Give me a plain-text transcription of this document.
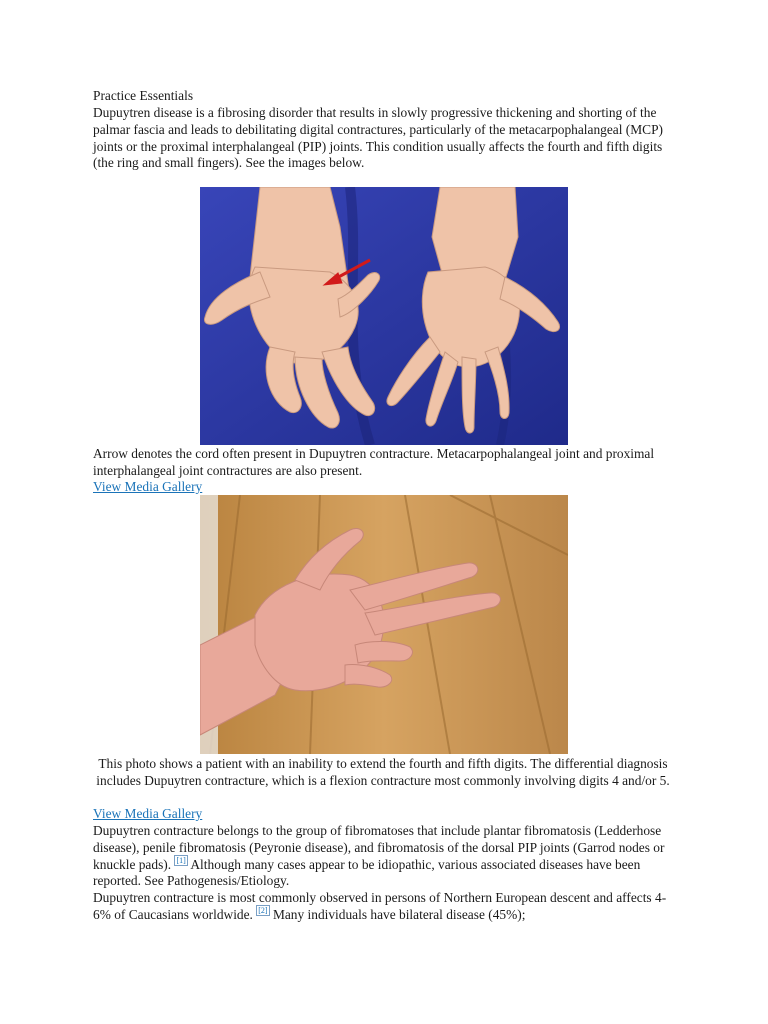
Practice Essentials
Dupuytren disease is a fibrosing disorder that results in slowly progressive thickening and shorting of the palmar fascia and leads to debilitating digital contractures, particularly of the metacarpophalangeal (MCP) joints or the proximal interphalangeal (PIP) joints. This condition usually affects the fourth and fifth digits (the ring and small fingers). See the images below.
Arrow denotes the cord often present in Dupuytren contracture. Metacarpophalangeal joint and proximal interphalangeal joint contractures are also present.
View Media Gallery
This photo shows a patient with an inability to extend the fourth and fifth digits. The differential diagnosis includes Dupuytren contracture, which is a flexion contracture most commonly involving digits 4 and/or 5.
View Media Gallery
Dupuytren contracture belongs to the group of fibromatoses that include plantar fibromatosis (Ledderhose disease), penile fibromatosis (Peyronie disease), and fibromatosis of the dorsal PIP joints (Garrod nodes or knuckle pads). [1] Although many cases appear to be idiopathic, various associated diseases have been reported. See Pathogenesis/Etiology.
Dupuytren contracture is most commonly observed in persons of Northern European descent and affects 4-6% of Caucasians worldwide. [2] Many individuals have bilateral disease (45%);
